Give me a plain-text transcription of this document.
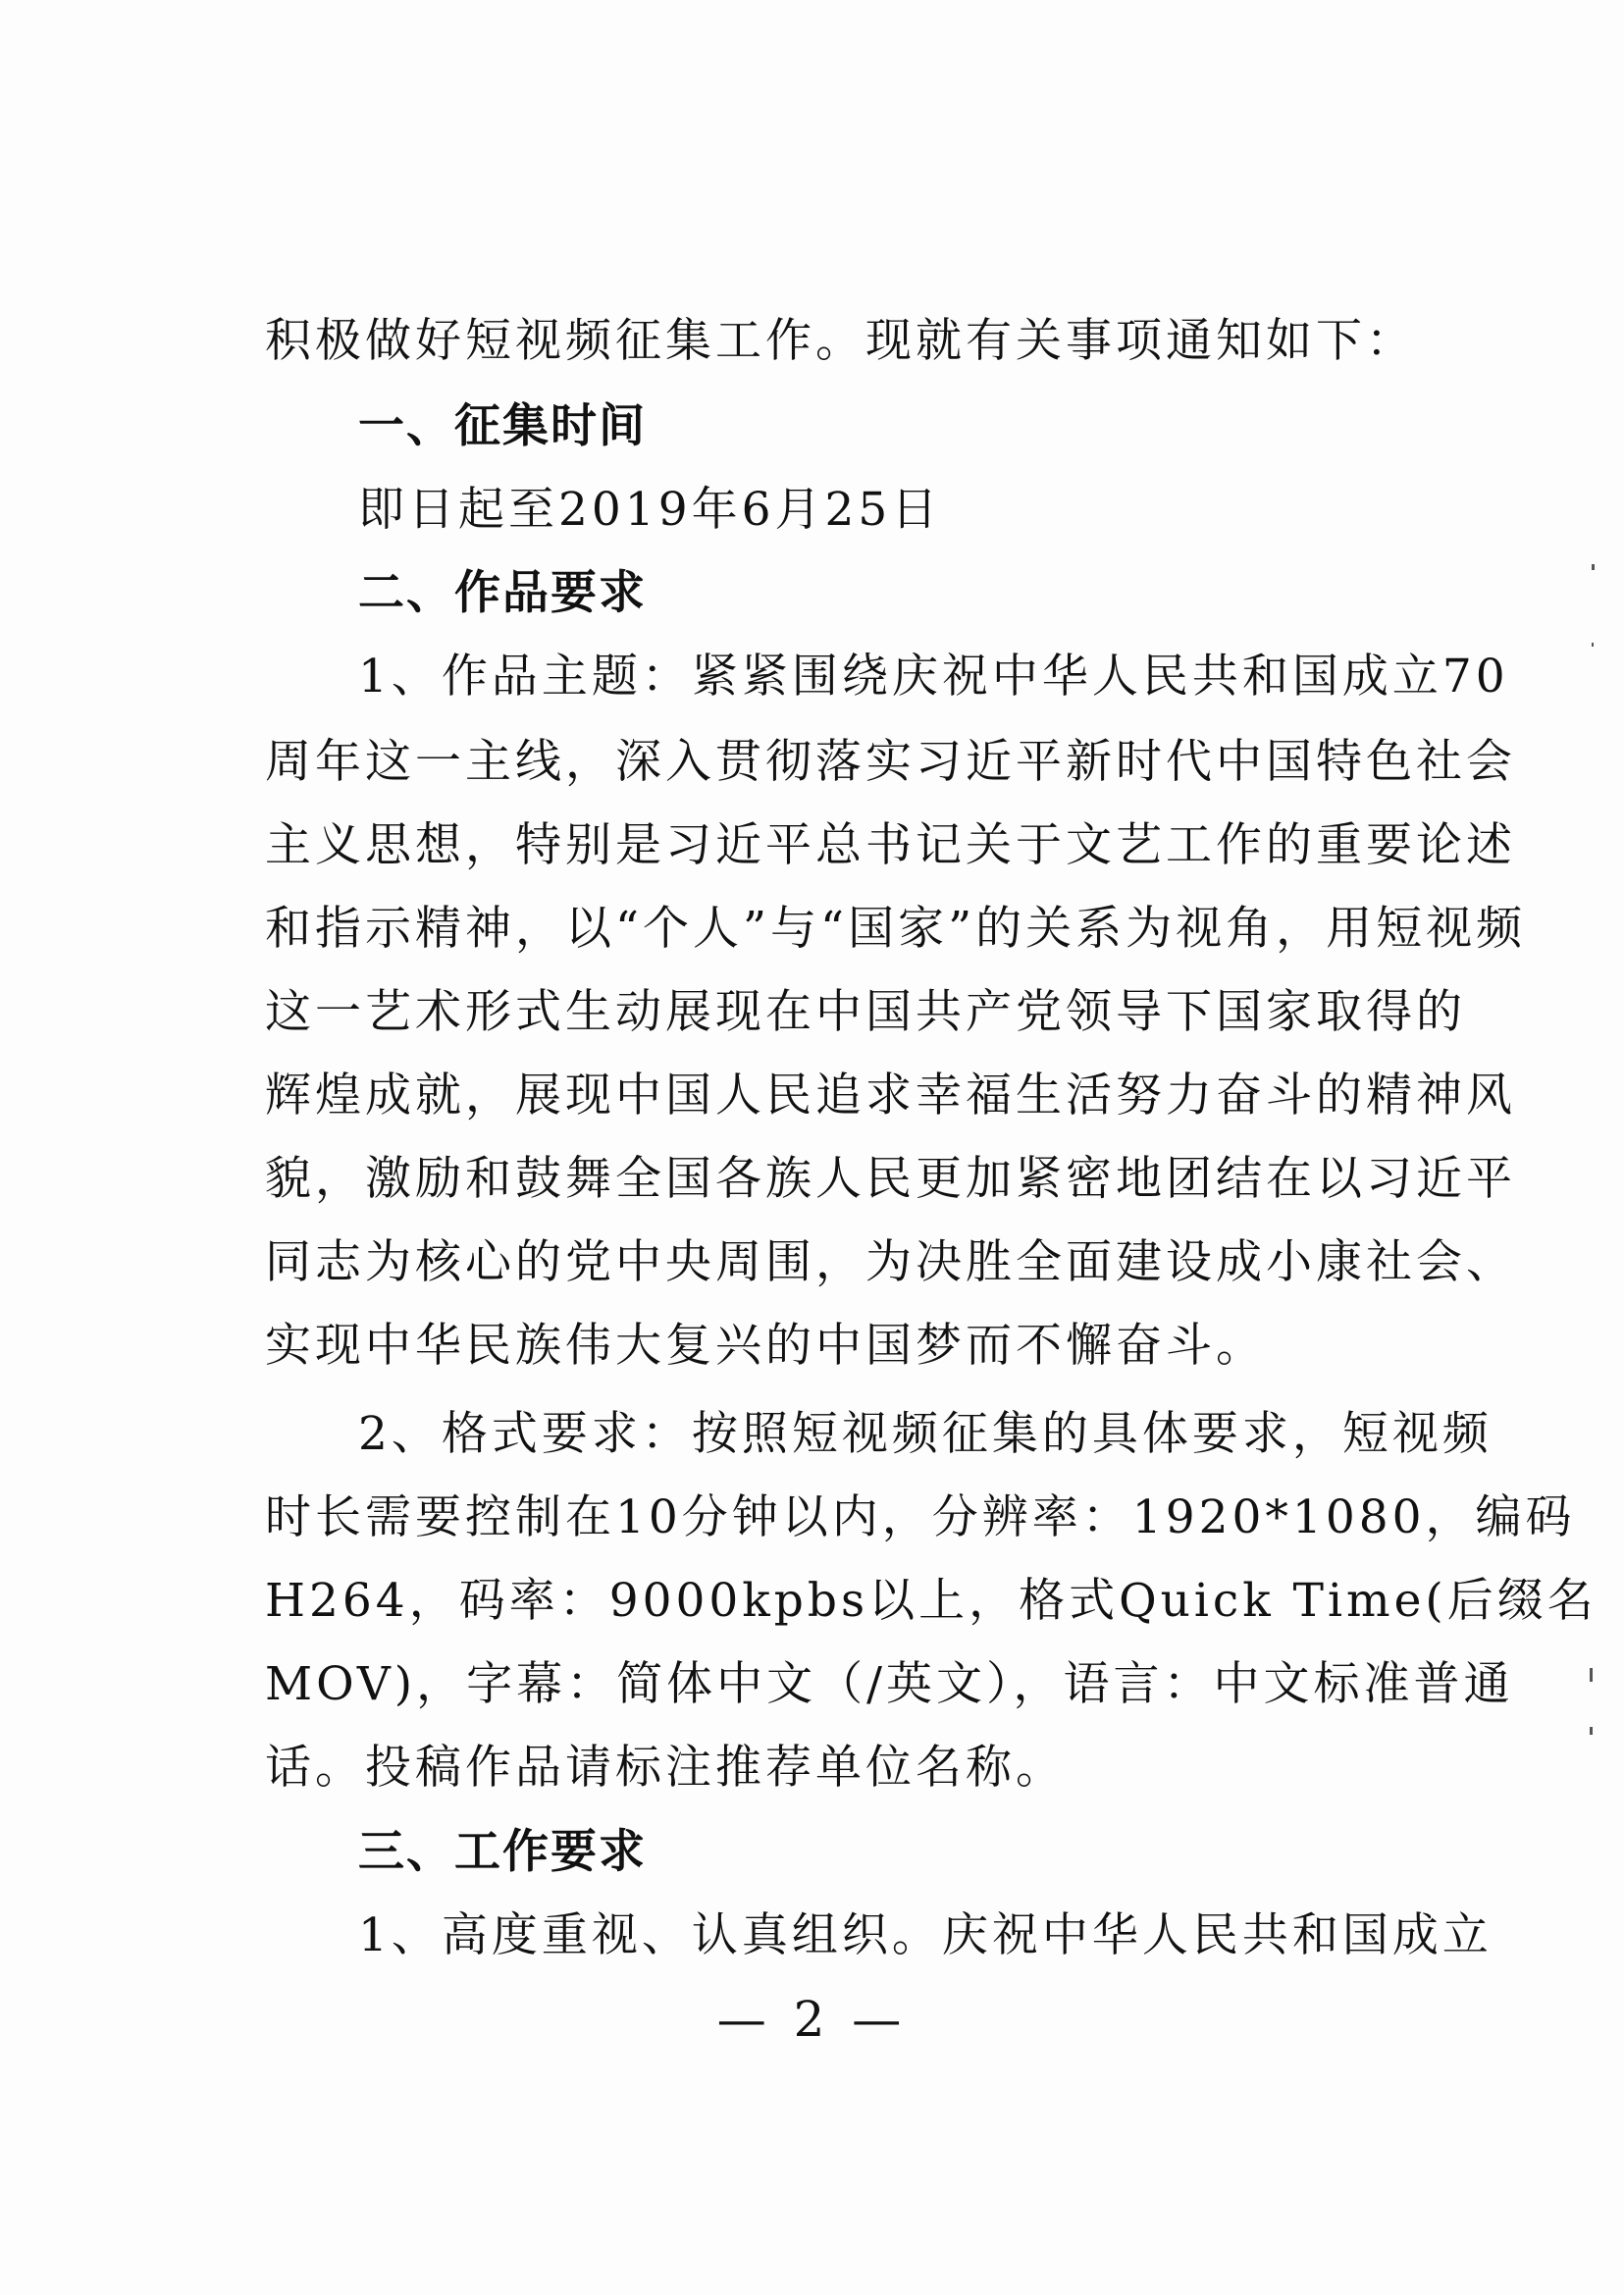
积极做好短视频征集工作。现就有关事项通知如下：
一、征集时间
即日起至2019年6月25日
二、作品要求
1、作品主题：紧紧围绕庆祝中华人民共和国成立70
周年这一主线，深入贯彻落实习近平新时代中国特色社会
主义思想，特别是习近平总书记关于文艺工作的重要论述
和指示精神，以“个人”与“国家”的关系为视角，用短视频
这一艺术形式生动展现在中国共产党领导下国家取得的
辉煌成就，展现中国人民追求幸福生活努力奋斗的精神风
貌，激励和鼓舞全国各族人民更加紧密地团结在以习近平
同志为核心的党中央周围，为决胜全面建设成小康社会、
实现中华民族伟大复兴的中国梦而不懈奋斗。
2、格式要求：按照短视频征集的具体要求，短视频
时长需要控制在10分钟以内，分辨率：1920*1080，编码
H264，码率：9000kpbs以上，格式Quick Time(后缀名
MOV)，字幕：简体中文（/英文），语言：中文标准普通
话。投稿作品请标注推荐单位名称。
三、工作要求
1、高度重视、认真组织。庆祝中华人民共和国成立
— 2 —
